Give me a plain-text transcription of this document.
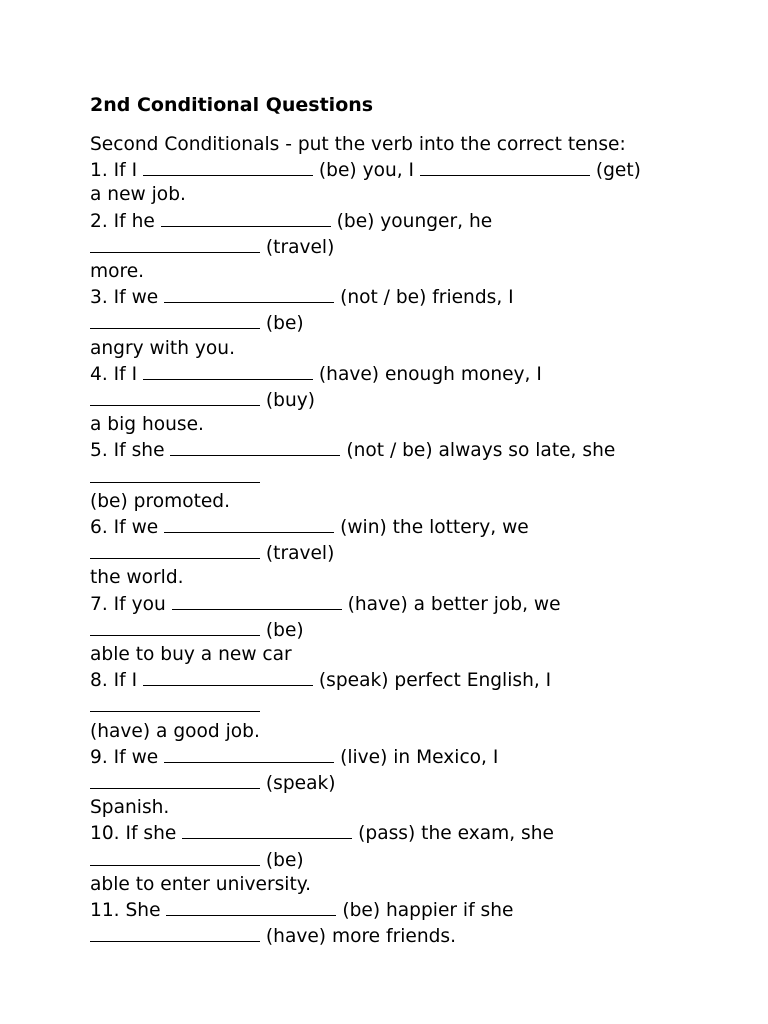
2nd Conditional Questions
Second Conditionals - put the verb into the correct tense:
1. If I	(be) you, I	(get)
a new job.
2. If he	(be) younger, he
(travel)
more.
3. If we	(not / be) friends, I
(be)
angry with you.
4. If I	(have) enough money, I
(buy)
a big house.
5. If she	(not / be) always so late, she
(be) promoted.
6. If we	(win) the lottery, we
(travel)
the world.
7. If you	(have) a better job, we
(be)
able to buy a new car
8. If I	(speak) perfect English, I
(have) a good job.
9. If we	(live) in Mexico, I
(speak)
Spanish.
10. If she	(pass) the exam, she
(be)
able to enter university.
11. She	(be) happier if she
(have) more friends.
